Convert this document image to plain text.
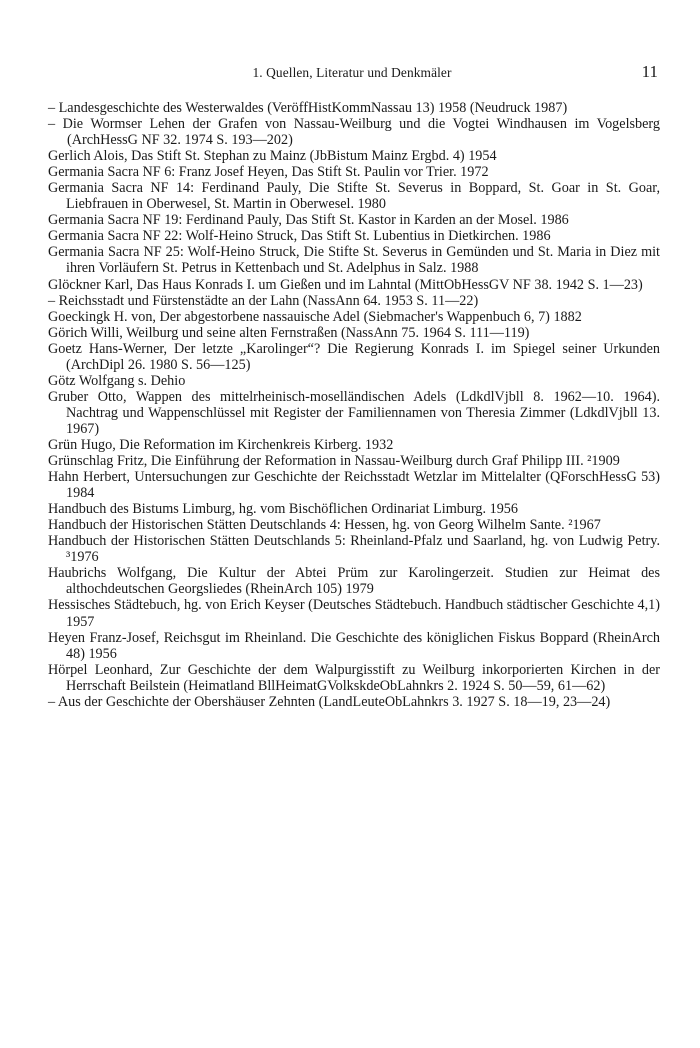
1. Quellen, Literatur und Denkmäler	11
– Landesgeschichte des Westerwaldes (VeröffHistKommNassau 13) 1958 (Neudruck 1987)
– Die Wormser Lehen der Grafen von Nassau-Weilburg und die Vogtei Windhausen im Vogelsberg (ArchHessG NF 32. 1974 S. 193—202)
Gerlich Alois, Das Stift St. Stephan zu Mainz (JbBistum Mainz Ergbd. 4) 1954
Germania Sacra NF 6: Franz Josef Heyen, Das Stift St. Paulin vor Trier. 1972
Germania Sacra NF 14: Ferdinand Pauly, Die Stifte St. Severus in Boppard, St. Goar in St. Goar, Liebfrauen in Oberwesel, St. Martin in Oberwesel. 1980
Germania Sacra NF 19: Ferdinand Pauly, Das Stift St. Kastor in Karden an der Mosel. 1986
Germania Sacra NF 22: Wolf-Heino Struck, Das Stift St. Lubentius in Dietkirchen. 1986
Germania Sacra NF 25: Wolf-Heino Struck, Die Stifte St. Severus in Gemünden und St. Maria in Diez mit ihren Vorläufern St. Petrus in Kettenbach und St. Adelphus in Salz. 1988
Glöckner Karl, Das Haus Konrads I. um Gießen und im Lahntal (MittObHessGV NF 38. 1942 S. 1—23)
– Reichsstadt und Fürstenstädte an der Lahn (NassAnn 64. 1953 S. 11—22)
Goeckingk H. von, Der abgestorbene nassauische Adel (Siebmacher's Wappenbuch 6, 7) 1882
Görich Willi, Weilburg und seine alten Fernstraßen (NassAnn 75. 1964 S. 111—119)
Goetz Hans-Werner, Der letzte „Karolinger“? Die Regierung Konrads I. im Spiegel seiner Urkunden (ArchDipl 26. 1980 S. 56—125)
Götz Wolfgang s. Dehio
Gruber Otto, Wappen des mittelrheinisch-moselländischen Adels (LdkdlVjbll 8. 1962—10. 1964). Nachtrag und Wappenschlüssel mit Register der Familiennamen von Theresia Zimmer (LdkdlVjbll 13. 1967)
Grün Hugo, Die Reformation im Kirchenkreis Kirberg. 1932
Grünschlag Fritz, Die Einführung der Reformation in Nassau-Weilburg durch Graf Philipp III. ²1909
Hahn Herbert, Untersuchungen zur Geschichte der Reichsstadt Wetzlar im Mittelalter (QForschHessG 53) 1984
Handbuch des Bistums Limburg, hg. vom Bischöflichen Ordinariat Limburg. 1956
Handbuch der Historischen Stätten Deutschlands 4: Hessen, hg. von Georg Wilhelm Sante. ²1967
Handbuch der Historischen Stätten Deutschlands 5: Rheinland-Pfalz und Saarland, hg. von Ludwig Petry. ³1976
Haubrichs Wolfgang, Die Kultur der Abtei Prüm zur Karolingerzeit. Studien zur Heimat des althochdeutschen Georgsliedes (RheinArch 105) 1979
Hessisches Städtebuch, hg. von Erich Keyser (Deutsches Städtebuch. Handbuch städtischer Geschichte 4,1) 1957
Heyen Franz-Josef, Reichsgut im Rheinland. Die Geschichte des königlichen Fiskus Boppard (RheinArch 48) 1956
Hörpel Leonhard, Zur Geschichte der dem Walpurgisstift zu Weilburg inkorporierten Kirchen in der Herrschaft Beilstein (Heimatland BllHeimatGVolkskdeObLahnkrs 2. 1924 S. 50—59, 61—62)
– Aus der Geschichte der Obershäuser Zehnten (LandLeuteObLahnkrs 3. 1927 S. 18—19, 23—24)
